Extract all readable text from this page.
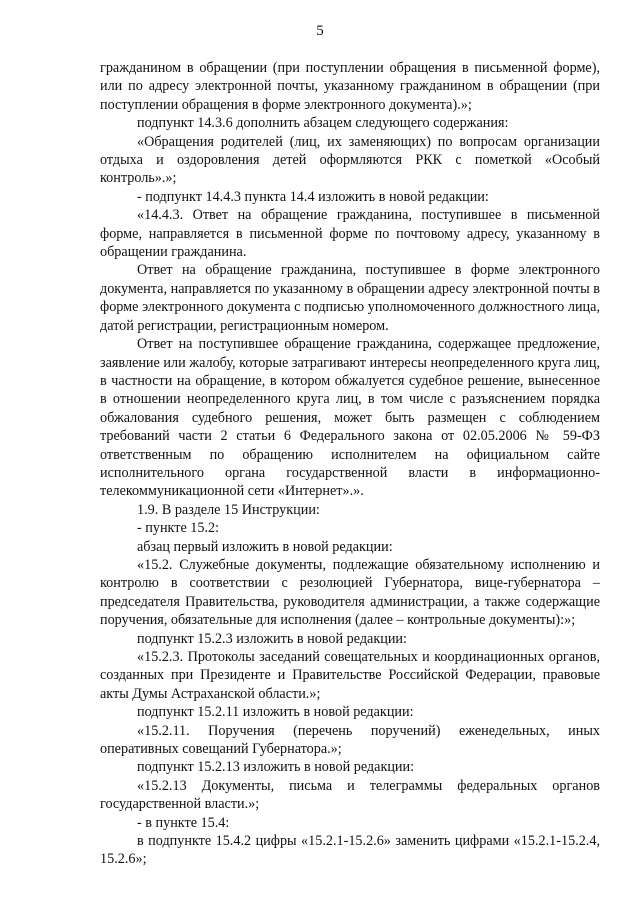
5

гражданином в обращении (при поступлении обращения в письменной форме), или по адресу электронной почты, указанному гражданином в обращении (при поступлении обращения в форме электронного документа).»;

подпункт 14.3.6 дополнить абзацем следующего содержания:

«Обращения родителей (лиц, их заменяющих) по вопросам организации отдыха и оздоровления детей оформляются РКК с пометкой «Особый контроль».»;

- подпункт 14.4.3 пункта 14.4 изложить в новой редакции:

«14.4.3. Ответ на обращение гражданина, поступившее в письменной форме, направляется в письменной форме по почтовому адресу, указанному в обращении гражданина.

Ответ на обращение гражданина, поступившее в форме электронного документа, направляется по указанному в обращении адресу электронной почты в форме электронного документа с подписью уполномоченного должностного лица, датой регистрации, регистрационным номером.

Ответ на поступившее обращение гражданина, содержащее предложение, заявление или жалобу, которые затрагивают интересы неопределенного круга лиц, в частности на обращение, в котором обжалуется судебное решение, вынесенное в отношении неопределенного круга лиц, в том числе с разъяснением порядка обжалования судебного решения, может быть размещен с соблюдением требований части 2 статьи 6 Федерального закона от 02.05.2006 № 59-ФЗ ответственным по обращению исполнителем на официальном сайте исполнительного органа государственной власти в информационно-телекоммуникационной сети «Интернет».».

1.9. В разделе 15 Инструкции:

- пункте 15.2:

абзац первый изложить в новой редакции:

«15.2. Служебные документы, подлежащие обязательному исполнению и контролю в соответствии с резолюцией Губернатора, вице-губернатора – председателя Правительства, руководителя администрации, а также содержащие поручения, обязательные для исполнения (далее – контрольные документы):»;

подпункт 15.2.3 изложить в новой редакции:

«15.2.3. Протоколы заседаний совещательных и координационных органов, созданных при Президенте и Правительстве Российской Федерации, правовые акты Думы Астраханской области.»;

подпункт 15.2.11 изложить в новой редакции:

«15.2.11. Поручения (перечень поручений) еженедельных, иных оперативных совещаний Губернатора.»;

подпункт 15.2.13 изложить в новой редакции:

«15.2.13 Документы, письма и телеграммы федеральных органов государственной власти.»;

- в пункте 15.4:

в подпункте 15.4.2 цифры «15.2.1-15.2.6» заменить цифрами «15.2.1-15.2.4, 15.2.6»;
